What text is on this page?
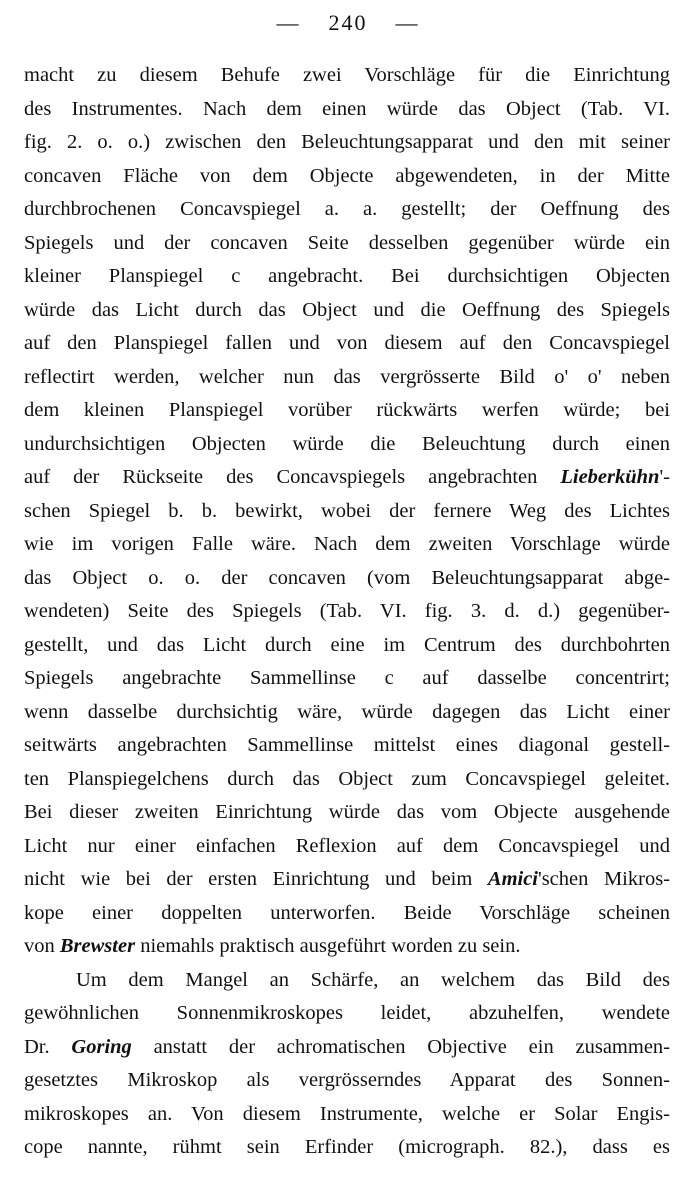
— 240 —
macht zu diesem Behufe zwei Vorschläge für die Einrichtung
des Instrumentes. Nach dem einen würde das Object (Tab. VI.
fig. 2. o. o.) zwischen den Beleuchtungsapparat und den mit seiner
concaven Fläche von dem Objecte abgewendeten, in der Mitte
durchbrochenen Concavspiegel a. a. gestellt; der Oeffnung des
Spiegels und der concaven Seite desselben gegenüber würde ein
kleiner Planspiegel c angebracht. Bei durchsichtigen Objecten
würde das Licht durch das Object und die Oeffnung des Spiegels
auf den Planspiegel fallen und von diesem auf den Concavspiegel
reflectirt werden, welcher nun das vergrösserte Bild o' o' neben
dem kleinen Planspiegel vorüber rückwärts werfen würde; bei
undurchsichtigen Objecten würde die Beleuchtung durch einen
auf der Rückseite des Concavspiegels angebrachten Lieberkühn'-
schen Spiegel b. b. bewirkt, wobei der fernere Weg des Lichtes
wie im vorigen Falle wäre. Nach dem zweiten Vorschlage würde
das Object o. o. der concaven (vom Beleuchtungsapparat abge-
wendeten) Seite des Spiegels (Tab. VI. fig. 3. d. d.) gegenüber-
gestellt, und das Licht durch eine im Centrum des durchbohrten
Spiegels angebrachte Sammellinse c auf dasselbe concentrirt;
wenn dasselbe durchsichtig wäre, würde dagegen das Licht einer
seitwärts angebrachten Sammellinse mittelst eines diagonal gestell-
ten Planspiegelchens durch das Object zum Concavspiegel geleitet.
Bei dieser zweiten Einrichtung würde das vom Objecte ausgehende
Licht nur einer einfachen Reflexion auf dem Concavspiegel und
nicht wie bei der ersten Einrichtung und beim Amici'schen Mikros-
kope einer doppelten unterworfen. Beide Vorschläge scheinen
von Brewster niemahls praktisch ausgeführt worden zu sein.
Um dem Mangel an Schärfe, an welchem das Bild des
gewöhnlichen Sonnenmikroskopes leidet, abzuhelfen, wendete
Dr. Goring anstatt der achromatischen Objective ein zusammen-
gesetztes Mikroskop als vergrösserndes Apparat des Sonnen-
mikroskopes an. Von diesem Instrumente, welche er Solar Engis-
cope nannte, rühmt sein Erfinder (micrograph. 82.), dass es
